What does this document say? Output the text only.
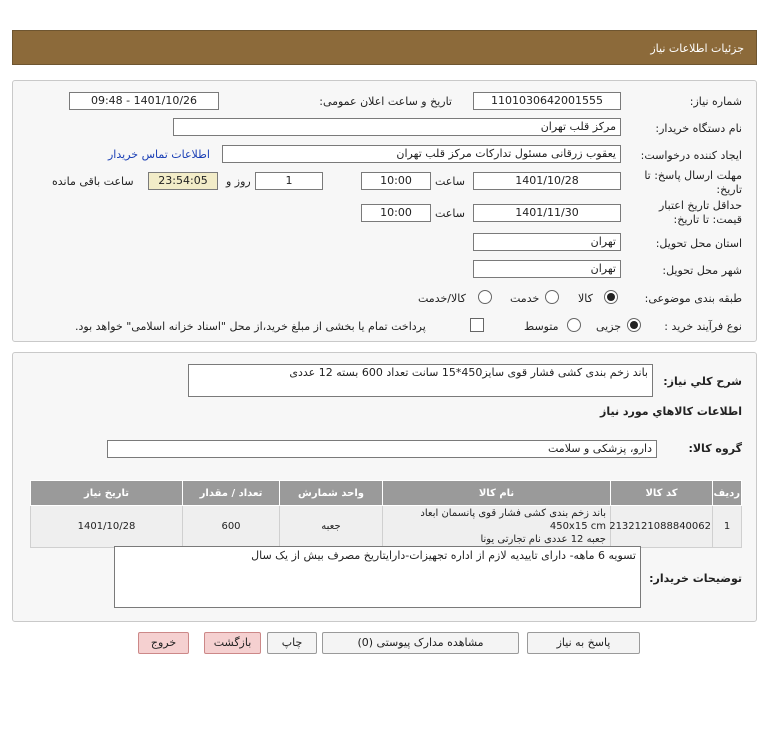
جزئیات اطلاعات نیاز
شماره نیاز:
1101030642001555
تاریخ و ساعت اعلان عمومی:
1401/10/26 - 09:48
نام دستگاه خریدار:
مرکز قلب تهران
ایجاد کننده درخواست:
یعقوب زرقانی مسئول تدارکات مرکز قلب تهران
اطلاعات تماس خریدار
مهلت ارسال پاسخ: تا تاریخ:
1401/10/28
ساعت
10:00
1
روز و
23:54:05
ساعت باقی مانده
حداقل تاریخ اعتبار قیمت: تا تاریخ:
1401/11/30
ساعت
10:00
استان محل تحویل:
تهران
شهر محل تحویل:
تهران
طبقه بندی موضوعی:
کالا
خدمت
کالا/خدمت
نوع فرآیند خرید :
جزیی
متوسط
پرداخت تمام یا بخشی از مبلغ خرید،از محل "اسناد خزانه اسلامی" خواهد بود.
شرح کلي نياز:
باند زخم بندی کشی فشار قوی سایز450*15 سانت تعداد 600 بسته 12 عددی
اطلاعات کالاهاي مورد نياز
گروه کالا:
دارو، پزشکی و سلامت
ردیف	کد کالا	نام کالا	واحد شمارش	تعداد / مقدار	تاریخ نیاز
1	2132121088840062	باند زخم بندی کشی فشار قوی پانسمان ابعاد 450x15 cm
جعبه 12 عددی نام تجارتی یونا	جعبه	600	1401/10/28
توضیحات خریدار:
تسویه 6 ماهه- دارای تاییدیه لازم از اداره تجهیزات-دارایتاریخ مصرف بیش از یک سال
پاسخ به نیاز
مشاهده مدارک پیوستی (0)
چاپ
بازگشت
خروج
